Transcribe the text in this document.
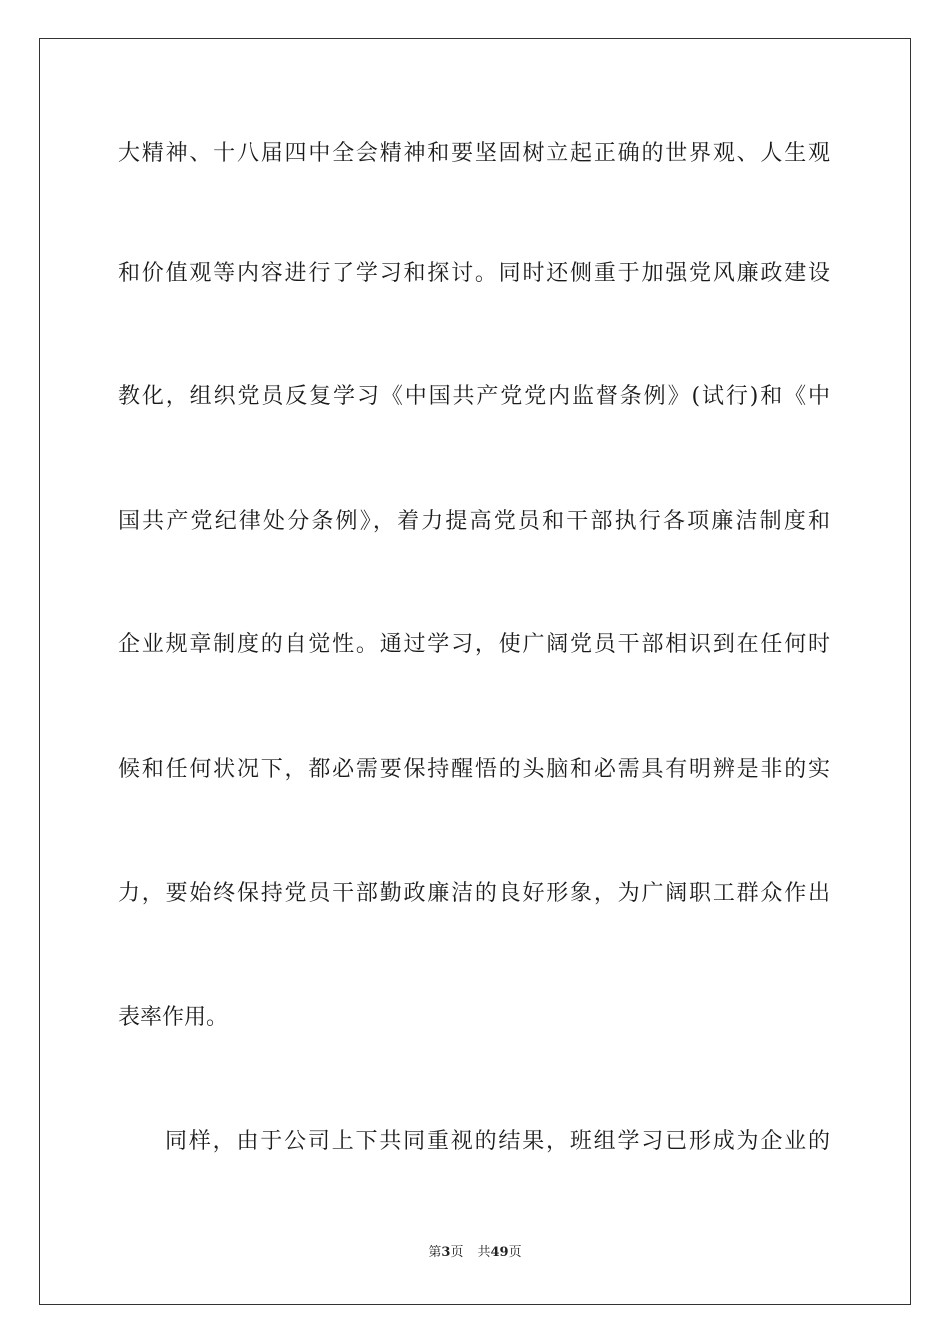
大精神、十八届四中全会精神和要坚固树立起正确的世界观、人生观
和价值观等内容进行了学习和探讨。同时还侧重于加强党风廉政建设
教化，组织党员反复学习《中国共产党党内监督条例》(试行)和《中
国共产党纪律处分条例》，着力提高党员和干部执行各项廉洁制度和
企业规章制度的自觉性。通过学习，使广阔党员干部相识到在任何时
候和任何状况下，都必需要保持醒悟的头脑和必需具有明辨是非的实
力，要始终保持党员干部勤政廉洁的良好形象，为广阔职工群众作出
表率作用。
同样，由于公司上下共同重视的结果，班组学习已形成为企业的
第3页 共49页
